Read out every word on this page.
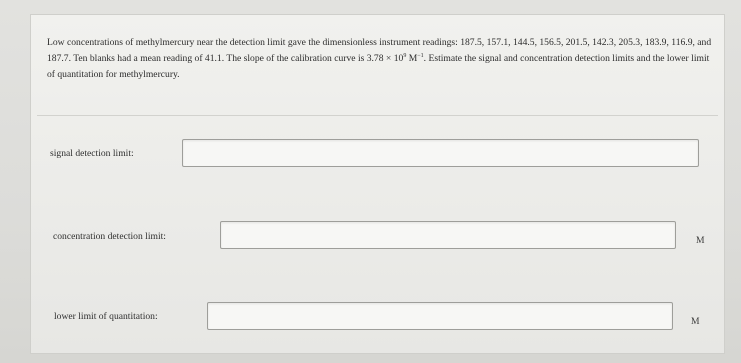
Low concentrations of methylmercury near the detection limit gave the dimensionless instrument readings: 187.5, 157.1, 144.5, 156.5, 201.5, 142.3, 205.3, 183.9, 116.9, and 187.7. Ten blanks had a mean reading of 41.1. The slope of the calibration curve is $3.78 \times 10^9$ $M^{-1}$. Estimate the signal and concentration detection limits and the lower limit of quantitation for methylmercury.

signal detection limit:
concentration detection limit:	M
lower limit of quantitation:	M
